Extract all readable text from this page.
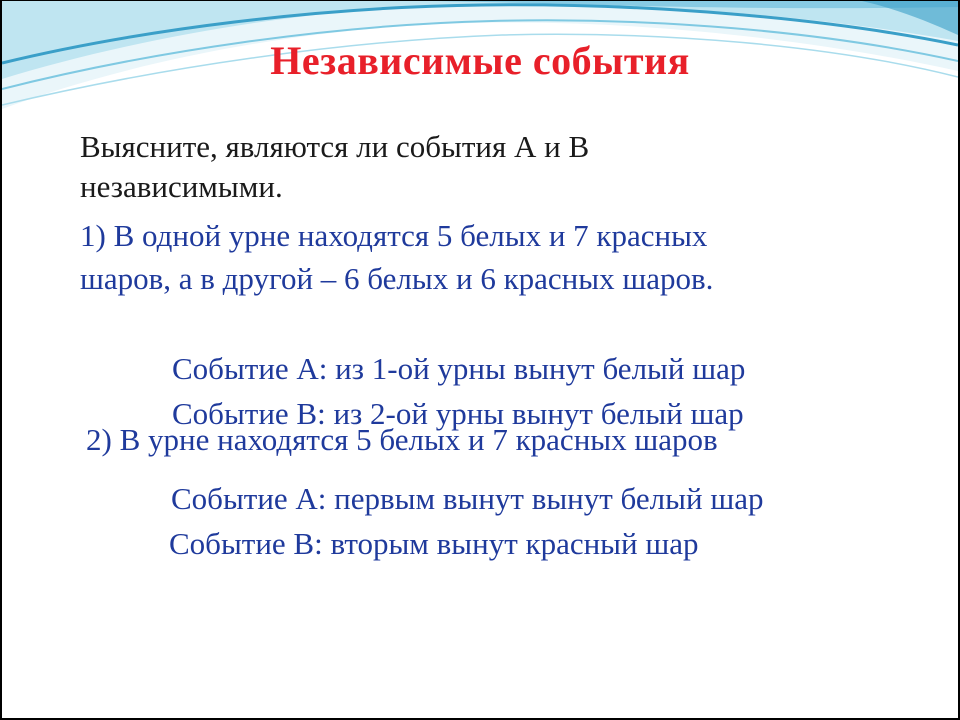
Независимые события

Выясните, являются ли события А и В

независимыми.

1) В одной урне находятся 5 белых и 7 красных

шаров, а в другой – 6 белых и 6 красных шаров.

Событие А: из 1-ой урны вынут белый шар

Событие В: из 2-ой урны вынут белый шар

2) В урне находятся 5 белых и 7 красных шаров

Событие А: первым вынут вынут белый шар

Событие В: вторым вынут красный шар
